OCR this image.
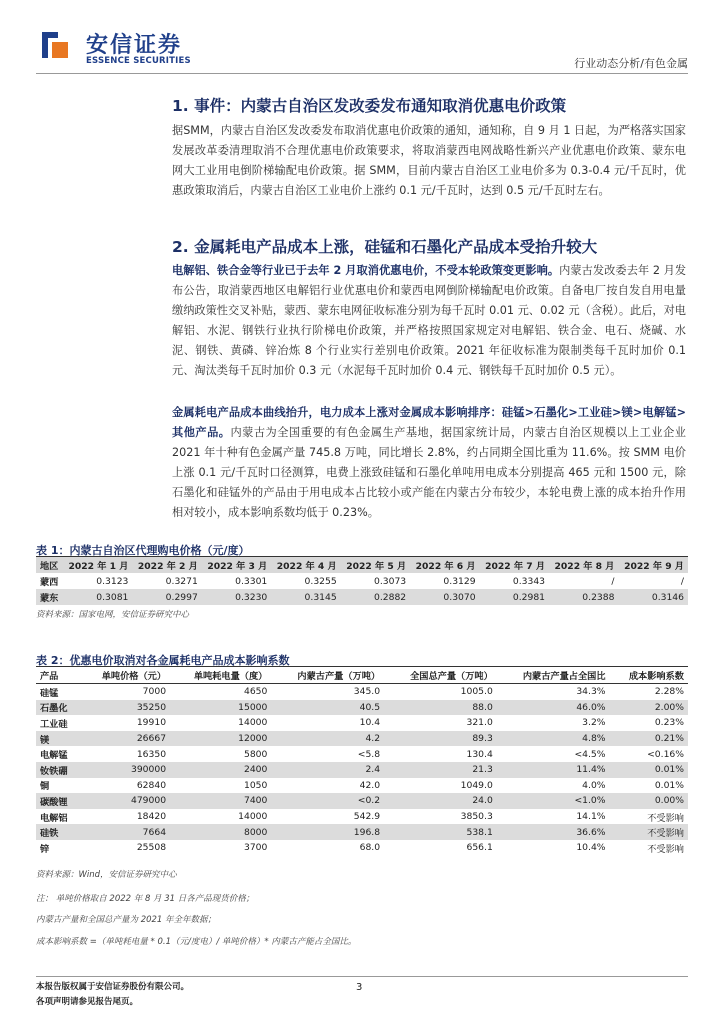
安信证券
ESSENCE SECURITIES	行业动态分析/有色金属
1. 事件：内蒙古自治区发改委发布通知取消优惠电价政策
据SMM，内蒙古自治区发改委发布取消优惠电价政策的通知，通知称，自 9 月 1 日起，为严格落实国家发展改革委清理取消不合理优惠电价政策要求，将取消蒙西电网战略性新兴产业优惠电价政策、蒙东电网大工业用电倒阶梯输配电价政策。据 SMM，目前内蒙古自治区工业电价多为 0.3-0.4 元/千瓦时，优惠政策取消后，内蒙古自治区工业电价上涨约 0.1 元/千瓦时，达到 0.5 元/千瓦时左右。
2. 金属耗电产品成本上涨，硅锰和石墨化产品成本受抬升较大
电解铝、铁合金等行业已于去年 2 月取消优惠电价，不受本轮政策变更影响。内蒙古发改委去年 2 月发布公告，取消蒙西地区电解铝行业优惠电价和蒙西电网倒阶梯输配电价政策。自备电厂按自发自用电量缴纳政策性交叉补贴，蒙西、蒙东电网征收标准分别为每千瓦时 0.01 元、0.02 元（含税）。此后，对电解铝、水泥、钢铁行业执行阶梯电价政策，并严格按照国家规定对电解铝、铁合金、电石、烧碱、水泥、钢铁、黄磷、锌冶炼 8 个行业实行差别电价政策。2021 年征收标准为限制类每千瓦时加价 0.1 元、淘汰类每千瓦时加价 0.3 元（水泥每千瓦时加价 0.4 元、钢铁每千瓦时加价 0.5 元）。
金属耗电产品成本曲线抬升，电力成本上涨对金属成本影响排序：硅锰>石墨化>工业硅>镁>电解锰>其他产品。内蒙古为全国重要的有色金属生产基地，据国家统计局，内蒙古自治区规模以上工业企业 2021 年十种有色金属产量 745.8 万吨，同比增长 2.8%，约占同期全国比重为 11.6%。按 SMM 电价上涨 0.1 元/千瓦时口径测算，电费上涨致硅锰和石墨化单吨用电成本分别提高 465 元和 1500 元，除石墨化和硅锰外的产品由于用电成本占比较小或产能在内蒙古分布较少，本轮电费上涨的成本抬升作用相对较小，成本影响系数均低于 0.23%。
表 1：内蒙古自治区代理购电价格（元/度）
地区	2022 年 1 月	2022 年 2 月	2022 年 3 月	2022 年 4 月	2022 年 5 月	2022 年 6 月	2022 年 7 月	2022 年 8 月	2022 年 9 月
蒙西	0.3123	0.3271	0.3301	0.3255	0.3073	0.3129	0.3343	/	/
蒙东	0.3081	0.2997	0.3230	0.3145	0.2882	0.3070	0.2981	0.2388	0.3146
资料来源：国家电网，安信证券研究中心
表 2：优惠电价取消对各金属耗电产品成本影响系数
产品	单吨价格（元）	单吨耗电量（度）	内蒙古产量（万吨）	全国总产量（万吨）	内蒙古产量占全国比	成本影响系数
硅锰	7000	4650	345.0	1005.0	34.3%	2.28%
石墨化	35250	15000	40.5	88.0	46.0%	2.00%
工业硅	19910	14000	10.4	321.0	3.2%	0.23%
镁	26667	12000	4.2	89.3	4.8%	0.21%
电解锰	16350	5800	<5.8	130.4	<4.5%	<0.16%
钕铁硼	390000	2400	2.4	21.3	11.4%	0.01%
铜	62840	1050	42.0	1049.0	4.0%	0.01%
碳酸锂	479000	7400	<0.2	24.0	<1.0%	0.00%
电解铝	18420	14000	542.9	3850.3	14.1%	不受影响
硅铁	7664	8000	196.8	538.1	36.6%	不受影响
锌	25508	3700	68.0	656.1	10.4%	不受影响
资料来源：Wind，安信证券研究中心
注： 单吨价格取自 2022 年 8 月 31 日各产品现货价格；
内蒙古产量和全国总产量为 2021 年全年数据；
成本影响系数 =（单吨耗电量 * 0.1（元/度电）/ 单吨价格）* 内蒙古产能占全国比。
本报告版权属于安信证券股份有限公司。
各项声明请参见报告尾页。
3
